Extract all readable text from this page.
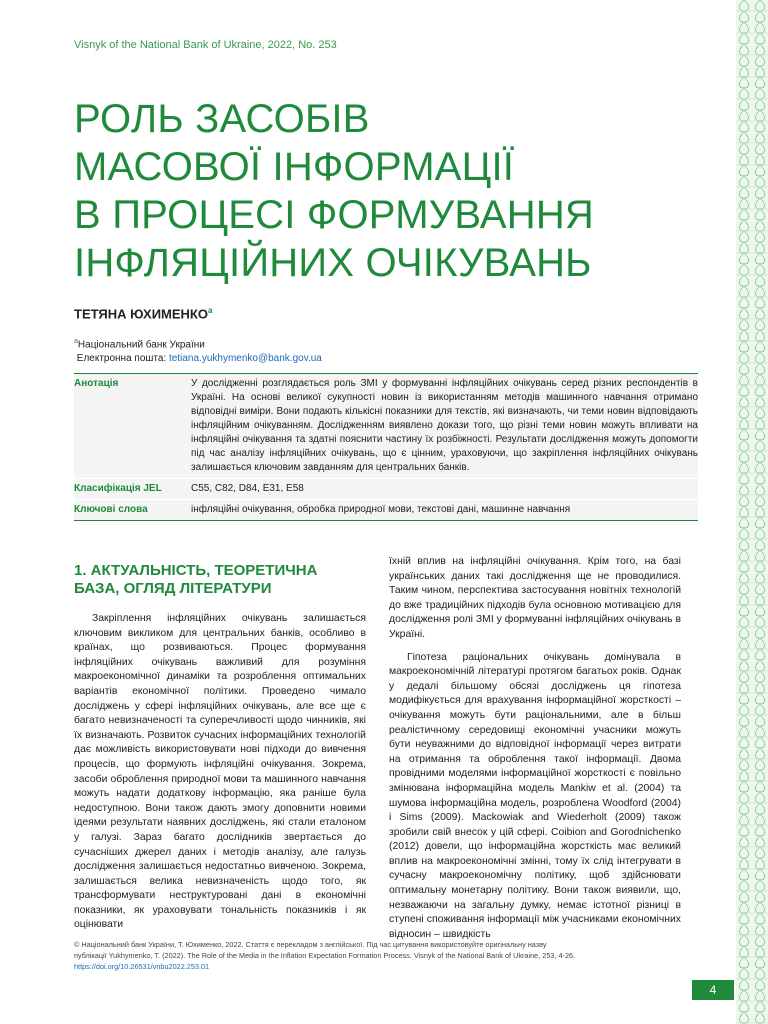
Visnyk of the National Bank of Ukraine, 2022, No. 253
РОЛЬ ЗАСОБІВ
МАСОВОЇ ІНФОРМАЦІЇ
В ПРОЦЕСІ ФОРМУВАННЯ
ІНФЛЯЦІЙНИХ ОЧІКУВАНЬ
ТЕТЯНА ЮХИМЕНКО$^a$
$^a$Національний банк України
Електронна пошта: tetiana.yukhymenko@bank.gov.ua
Анотація	У дослідженні розглядається роль ЗМІ у формуванні інфляційних очікувань серед різних респондентів в Україні. На основі великої сукупності новин із використанням методів машинного навчання отримано відповідні виміри. Вони подають кількісні показники для текстів, які визначають, чи теми новин відповідають інфляційним очікуванням. Дослідженням виявлено докази того, що різні теми новин можуть впливати на інфляційні очікування та здатні пояснити частину їх розбіжності. Результати дослідження можуть допомогти під час аналізу інфляційних очікувань, що є цінним, ураховуючи, що закріплення інфляційних очікувань залишається ключовим завданням для центральних банків.
Класифікація JEL	C55, C82, D84, E31, E58
Ключові слова	інфляційні очікування, обробка природної мови, текстові дані, машинне навчання
1. АКТУАЛЬНІСТЬ, ТЕОРЕТИЧНА БАЗА, ОГЛЯД ЛІТЕРАТУРИ

Закріплення інфляційних очікувань залишається ключовим викликом для центральних банків, особливо в країнах, що розвиваються. Процес формування інфляційних очікувань важливий для розуміння макроекономічної динаміки та розроблення оптимальних варіантів економічної політики. Проведено чимало досліджень у сфері інфляційних очікувань, але все ще є багато невизначеності та суперечливості щодо чинників, які їх визначають. Розвиток сучасних інформаційних технологій дає можливість використовувати нові підходи до вивчення процесів, що формують інфляційні очікування. Зокрема, засоби оброблення природної мови та машинного навчання можуть надати додаткову інформацію, яка раніше була недоступною. Вони також дають змогу доповнити новими ідеями результати наявних досліджень, які стали еталоном у галузі. Зараз багато дослідників звертається до сучасніших джерел даних і методів аналізу, але галузь дослідження залишається недостатньо вивченою. Зокрема, залишається велика невизначеність щодо того, як трансформувати неструктуровані дані в економічні показники, як ураховувати тональність показників і як оцінювати

їхній вплив на інфляційні очікування. Крім того, на базі українських даних такі дослідження ще не проводилися. Таким чином, перспектива застосування новітніх технологій до вже традиційних підходів була основною мотивацією для дослідження ролі ЗМІ у формуванні інфляційних очікувань в Україні.

Гіпотеза раціональних очікувань домінувала в макроекономічній літературі протягом багатьох років. Однак у дедалі більшому обсязі досліджень ця гіпотеза модифікується для врахування інформаційної жорсткості – очікування можуть бути раціональними, але в більш реалістичному середовищі економічні учасники можуть бути неуважними до відповідної інформації через витрати на отримання та оброблення такої інформації. Двома провідними моделями інформаційної жорсткості є повільно змінювана інформаційна модель Mankiw et al. (2004) та шумова інформаційна модель, розроблена Woodford (2004) і Sims (2009). Mackowiak and Wiederholt (2009) також зробили свій внесок у цій сфері. Coibion and Gorodnichenko (2012) довели, що інформаційна жорсткість має великий вплив на макроекономічні змінні, тому їх слід інтегрувати в сучасну макроекономічну політику, щоб здійснювати оптимальну монетарну політику. Вони також виявили, що, незважаючи на загальну думку, немає істотної різниці в ступені споживання інформації між учасниками економічних відносин – швидкість

© Національний банк України, Т. Юхименко, 2022. Стаття є перекладом з англійської. Під час цитування використовуйте оригінальну назву
публікації Yukhymenko, T. (2022). The Role of the Media in the Inflation Expectation Formation Process. Visnyk of the National Bank of Ukraine, 253, 4-26.
https://doi.org/10.26531/vnbu2022.253.01
4
